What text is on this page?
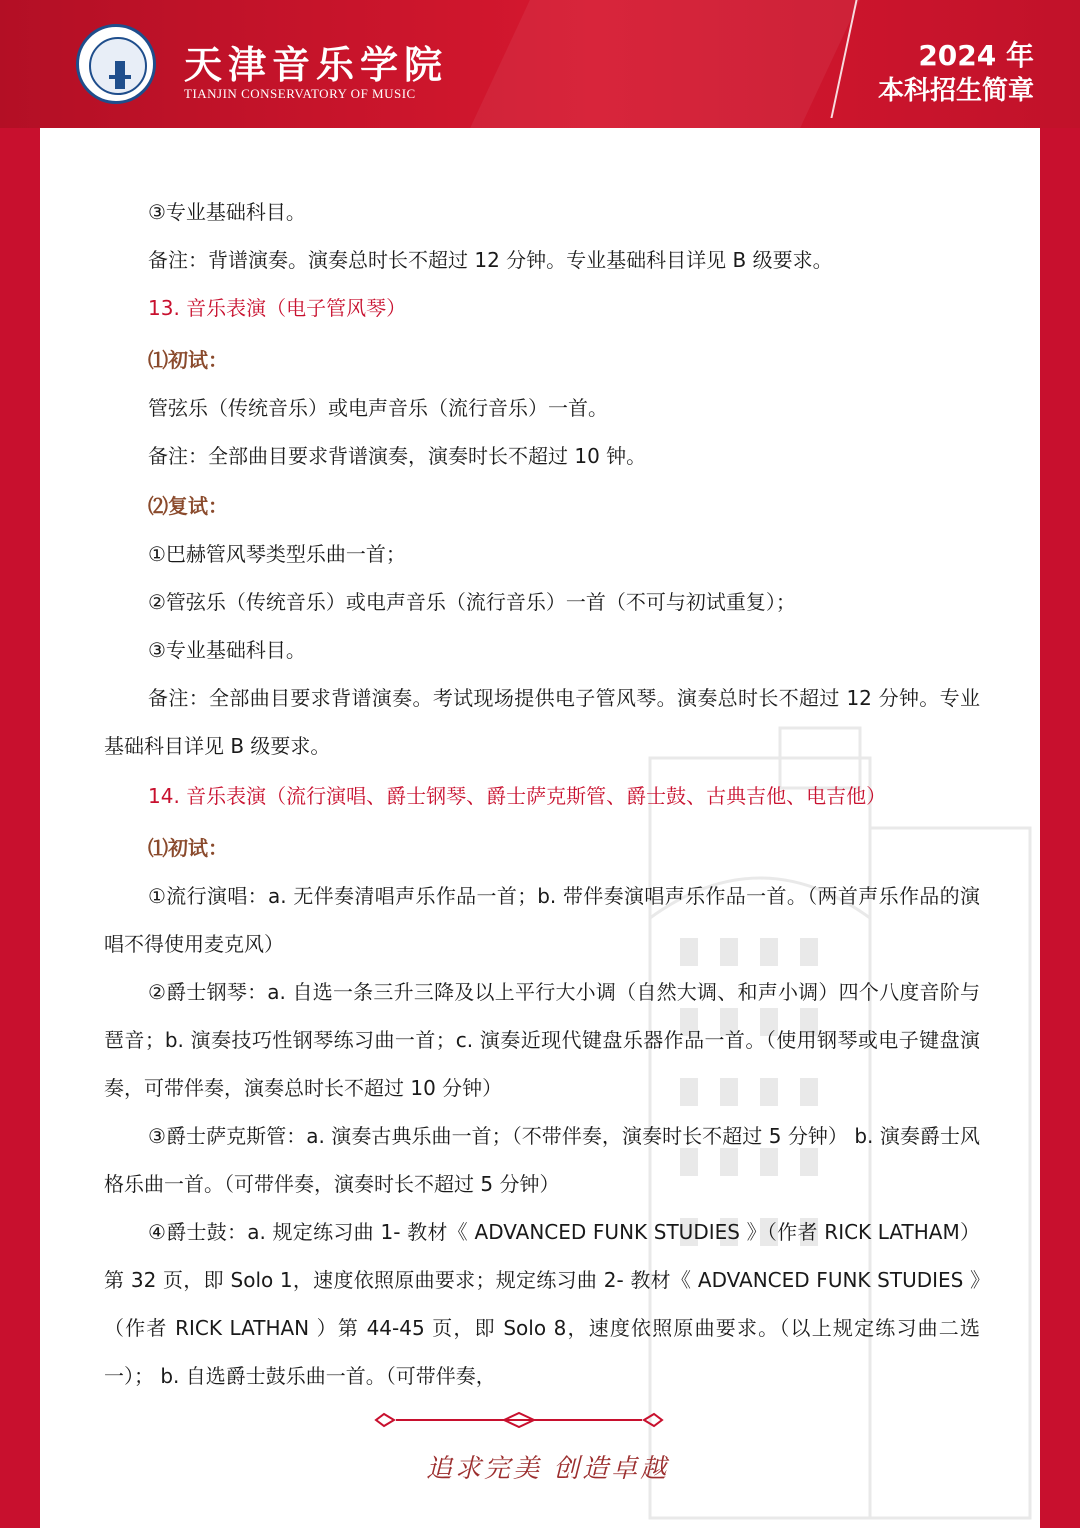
天津音乐学院
TIANJIN CONSERVATORY OF MUSIC
2024 年
本科招生简章
③专业基础科目。
备注：背谱演奏。演奏总时长不超过 12 分钟。专业基础科目详见 B 级要求。
13. 音乐表演（电子管风琴）
⑴初试：
管弦乐（传统音乐）或电声音乐（流行音乐）一首。
备注：全部曲目要求背谱演奏，演奏时长不超过 10 钟。
⑵复试：
①巴赫管风琴类型乐曲一首；
②管弦乐（传统音乐）或电声音乐（流行音乐）一首（不可与初试重复）；
③专业基础科目。
备注：全部曲目要求背谱演奏。考试现场提供电子管风琴。演奏总时长不超过 12 分钟。专业基础科目详见 B 级要求。
14. 音乐表演（流行演唱、爵士钢琴、爵士萨克斯管、爵士鼓、古典吉他、电吉他）
⑴初试：
①流行演唱：a. 无伴奏清唱声乐作品一首；b. 带伴奏演唱声乐作品一首。（两首声乐作品的演唱不得使用麦克风）
②爵士钢琴：a. 自选一条三升三降及以上平行大小调（自然大调、和声小调）四个八度音阶与琶音；b. 演奏技巧性钢琴练习曲一首；c. 演奏近现代键盘乐器作品一首。（使用钢琴或电子键盘演奏，可带伴奏，演奏总时长不超过 10 分钟）
③爵士萨克斯管：a. 演奏古典乐曲一首；（不带伴奏，演奏时长不超过 5 分钟） b. 演奏爵士风格乐曲一首。（可带伴奏，演奏时长不超过 5 分钟）
④爵士鼓：a. 规定练习曲 1- 教材《 ADVANCED FUNK STUDIES 》（作者 RICK LATHAM）第 32 页，即 Solo 1，速度依照原曲要求；规定练习曲 2- 教材《 ADVANCED FUNK STUDIES 》（作者 RICK LATHAN ）第 44-45 页，即 Solo 8，速度依照原曲要求。（以上规定练习曲二选一）； b. 自选爵士鼓乐曲一首。（可带伴奏，
追求完美 创造卓越
